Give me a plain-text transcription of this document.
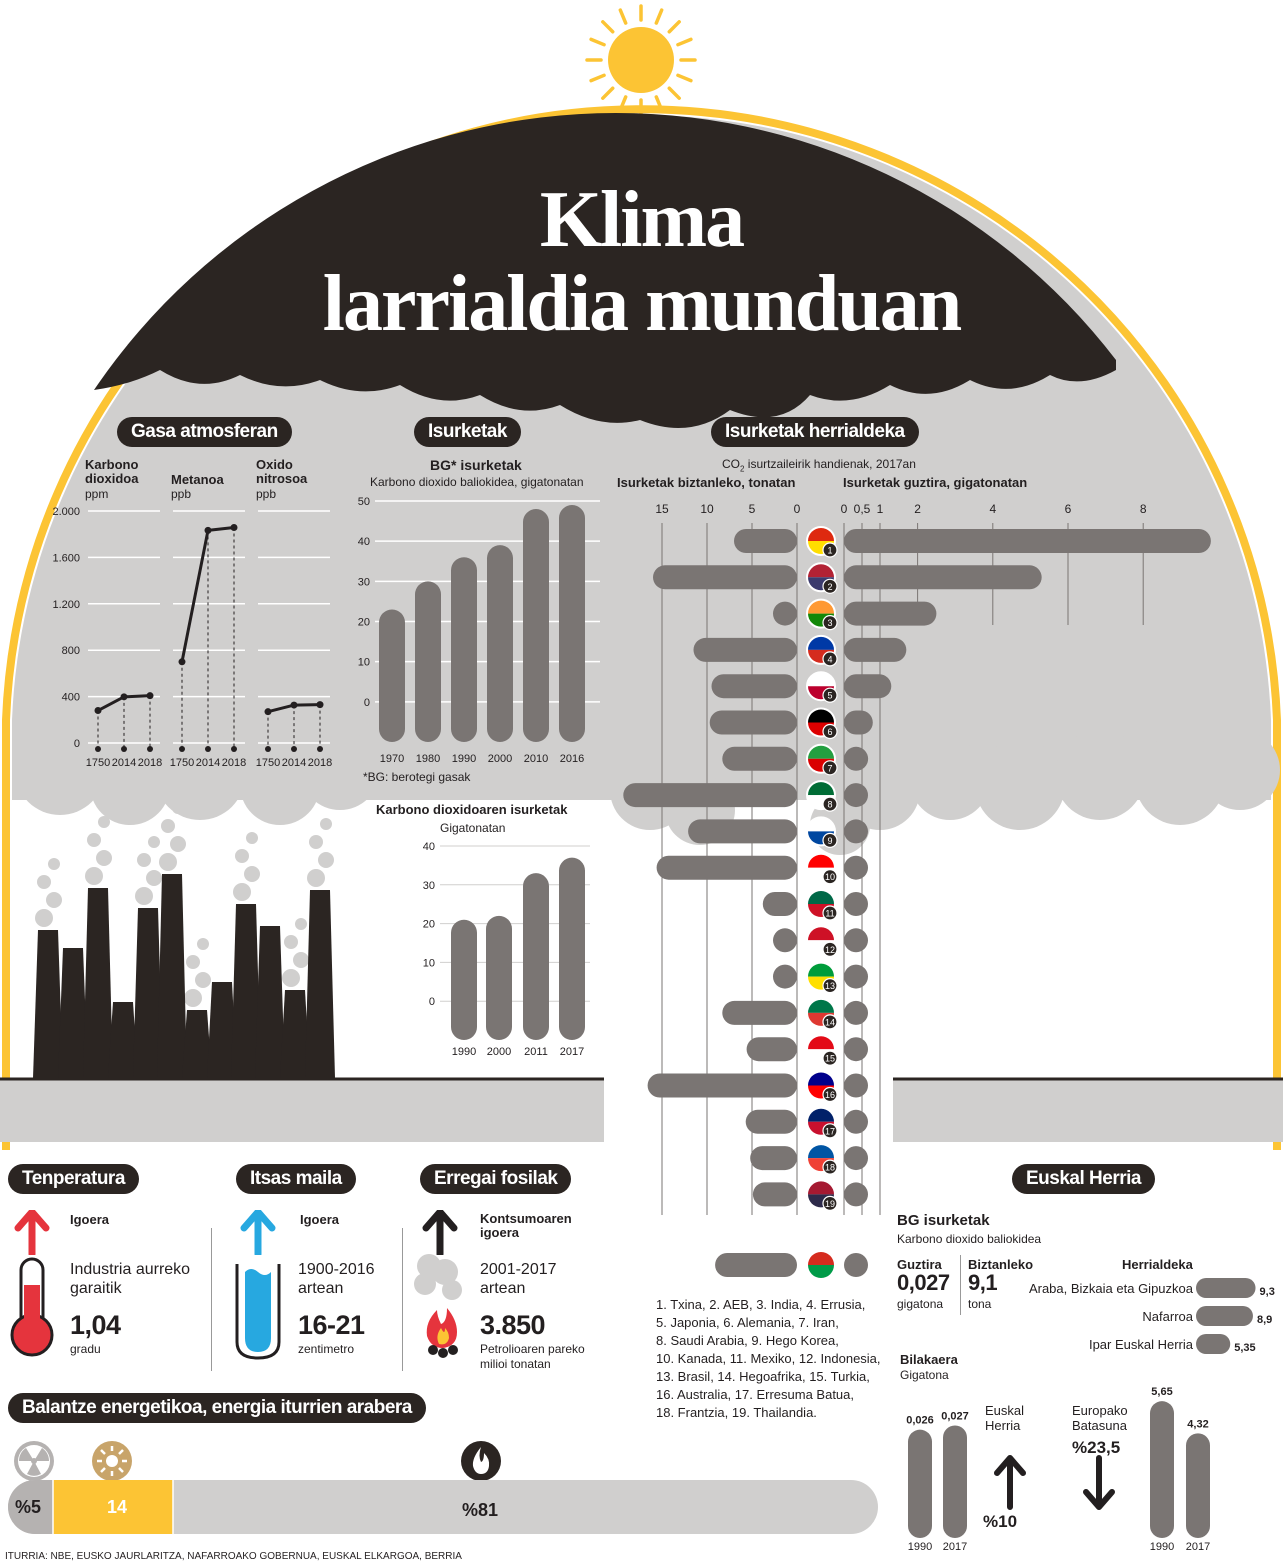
Klima
larrialdia munduan
Gasa atmosferan	Isurketak	Isurketak herrialdeka
Tenperatura	Itsas maila	Erregai fosilak	Euskal Herria
Balantze energetikoa, energia iturrien arabera
Karbono
dioxidoa
ppm
Metanoa
ppb
Oxido
nitrosoa
ppb
2.000
1.600
1.200
800
400
0
1750 2014 2018 1750 2014 2018 1750 2014 2018
BG* isurketak
Karbono dioxido baliokidea, gigatonatan
50
40
30
20
10
0
1970 1980 1990 2000 2010 2016
*BG: berotegi gasak
Karbono dioxidoaren isurketak
Gigatonatan
40
30
20
10
0
1990 2000 2011 2017
$CO_2$ isurtzaileirik handienak, 2017an
Isurketak biztanleko, tonatan	Isurketak guztira, gigatonatan
15	10	5	0	0 0,5 1	2	4	6	8
1
2
3
4
5
6
7
8
9
10
11
12
13
14
15
16
17
18
19
1. Txina, 2. AEB, 3. India, 4. Errusia,
5. Japonia, 6. Alemania, 7. Iran,
8. Saudi Arabia, 9. Hego Korea,
10. Kanada, 11. Mexiko, 12. Indonesia,
13. Brasil, 14. Hegoafrika, 15. Turkia,
16. Australia, 17. Erresuma Batua,
18. Frantzia, 19. Thailandia.
Igoera
Industria aurreko
garaitik
1,04
gradu
Igoera
1900-2016
artean
16-21
zentimetro
Kontsumoaren
igoera
2001-2017
artean
3.850
Petrolioaren pareko
milioi tonatan
%5	14	%81
BG isurketak
Karbono dioxido baliokidea
Guztira
0,027
gigatona
Biztanleko
9,1
tona
Herrialdeka
Araba, Bizkaia eta Gipuzkoa	9,3
Nafarroa	8,9
Ipar Euskal Herria	5,35
Bilakaera
Gigatona
0,026
1990
0,027
2017
5,65
1990
4,32
2017
Euskal
Herria
%10
Europako
Batasuna
%23,5
ITURRIA: NBE, EUSKO JAURLARITZA, NAFARROAKO GOBERNUA, EUSKAL ELKARGOA, BERRIA
